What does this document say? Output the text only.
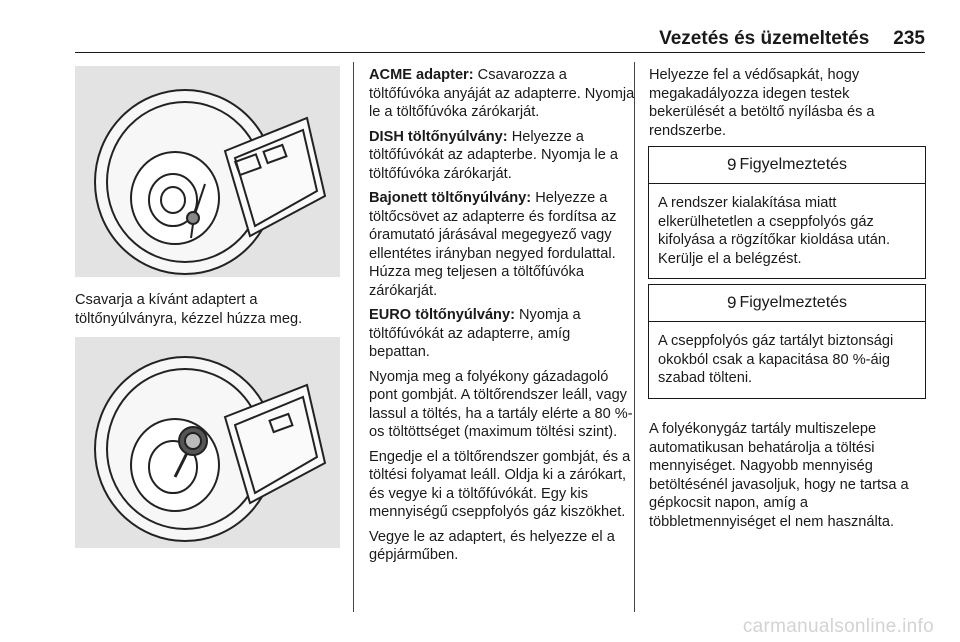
Vezetés és üzemeltetés 235

Csavarja a kívánt adaptert a töltőnyúlványra, kézzel húzza meg.

ACME adapter: Csavarozza a töltőfúvóka anyáját az adapterre. Nyomja le a töltőfúvóka zárókarját.

DISH töltőnyúlvány: Helyezze a töltőfúvókát az adapterbe. Nyomja le a töltőfúvóka zárókarját.

Bajonett töltőnyúlvány: Helyezze a töltőcsövet az adapterre és fordítsa az óramutató járásával megegyező vagy ellentétes irányban negyed fordulattal. Húzza meg teljesen a töltőfúvóka zárókarját.

EURO töltőnyúlvány: Nyomja a töltőfúvókát az adapterre, amíg bepattan.

Nyomja meg a folyékony gázadagoló pont gombját. A töltőrendszer leáll, vagy lassul a töltés, ha a tartály elérte a 80 %-os töltöttséget (maximum töltési szint).

Engedje el a töltőrendszer gombját, és a töltési folyamat leáll. Oldja ki a zárókart, és vegye ki a töltőfúvókát. Egy kis mennyiségű cseppfolyós gáz kiszökhet.

Vegye le az adaptert, és helyezze el a gépjárműben.

Helyezze fel a védősapkát, hogy megakadályozza idegen testek bekerülését a betöltő nyílásba és a rendszerbe.

9 Figyelmeztetés
A rendszer kialakítása miatt elkerülhetetlen a cseppfolyós gáz kifolyása a rögzítőkar kioldása után. Kerülje el a belégzést.
9 Figyelmeztetés
A cseppfolyós gáz tartályt biztonsági okokból csak a kapacitása 80 %-áig szabad tölteni.

A folyékonygáz tartály multiszelepe automatikusan behatárolja a töltési mennyiséget. Nagyobb mennyiség betöltésénél javasoljuk, hogy ne tartsa a gépkocsit napon, amíg a többletmennyiséget el nem használta.

carmanualsonline.info
